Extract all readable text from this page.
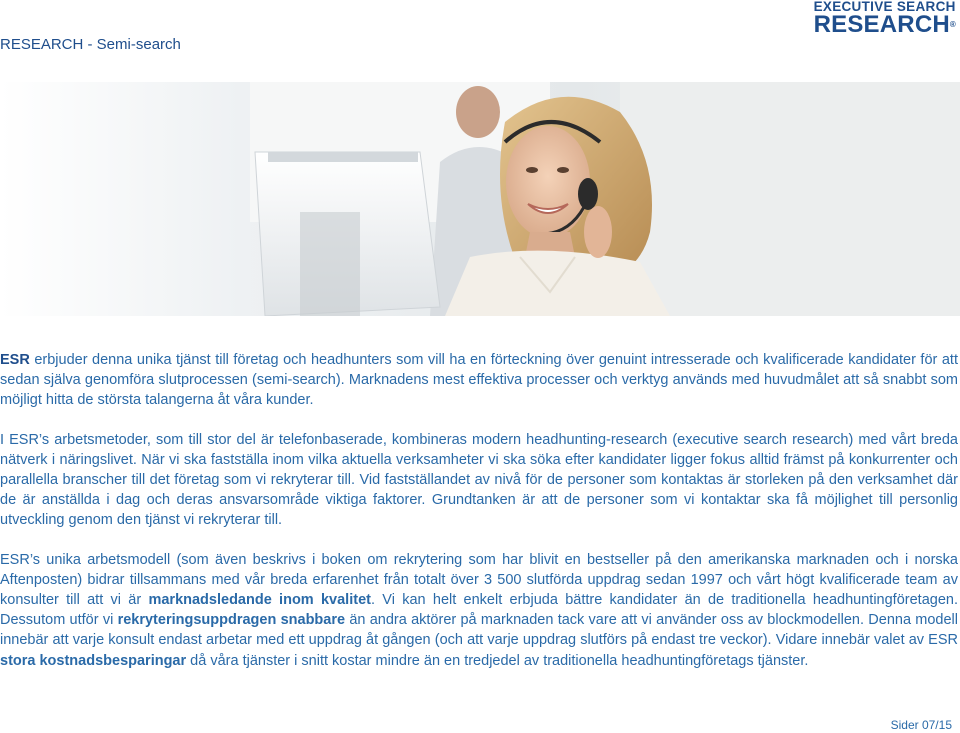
RESEARCH - Semi-search
EXECUTIVE SEARCH
RESEARCH®

ESR erbjuder denna unika tjänst till företag och headhunters som vill ha en förteckning över genuint intresserade och kvalificerade kandidater för att sedan själva genomföra slutprocessen (semi-search). Marknadens mest effektiva processer och verktyg används med huvudmålet att så snabbt som möjligt hitta de största talangerna åt våra kunder.

I ESR’s arbetsmetoder, som till stor del är telefonbaserade, kombineras modern headhunting-research (executive search research) med vårt breda nätverk i näringslivet. När vi ska fastställa inom vilka aktuella verksamheter vi ska söka efter kandidater ligger fokus alltid främst på konkurrenter och parallella branscher till det företag som vi rekryterar till. Vid fastställandet av nivå för de personer som kontaktas är storleken på den verksamhet där de är anställda i dag och deras ansvarsområde viktiga faktorer. Grundtanken är att de personer som vi kontaktar ska få möjlighet till personlig utveckling genom den tjänst vi rekryterar till.

ESR’s unika arbetsmodell (som även beskrivs i boken om rekrytering som har blivit en bestseller på den amerikanska marknaden och i norska Aftenposten) bidrar tillsammans med vår breda erfarenhet från totalt över 3 500 slutförda uppdrag sedan 1997 och vårt högt kvalificerade team av konsulter till att vi är marknadsledande inom kvalitet. Vi kan helt enkelt erbjuda bättre kandidater än de traditionella headhuntingföretagen. Dessutom utför vi rekryteringsuppdragen snabbare än andra aktörer på marknaden tack vare att vi använder oss av blockmodellen. Denna modell innebär att varje konsult endast arbetar med ett uppdrag åt gången (och att varje uppdrag slutförs på endast tre veckor). Vidare innebär valet av ESR stora kostnadsbesparingar då våra tjänster i snitt kostar mindre än en tredjedel av traditionella headhuntingföretags tjänster.

Sider 07/15
